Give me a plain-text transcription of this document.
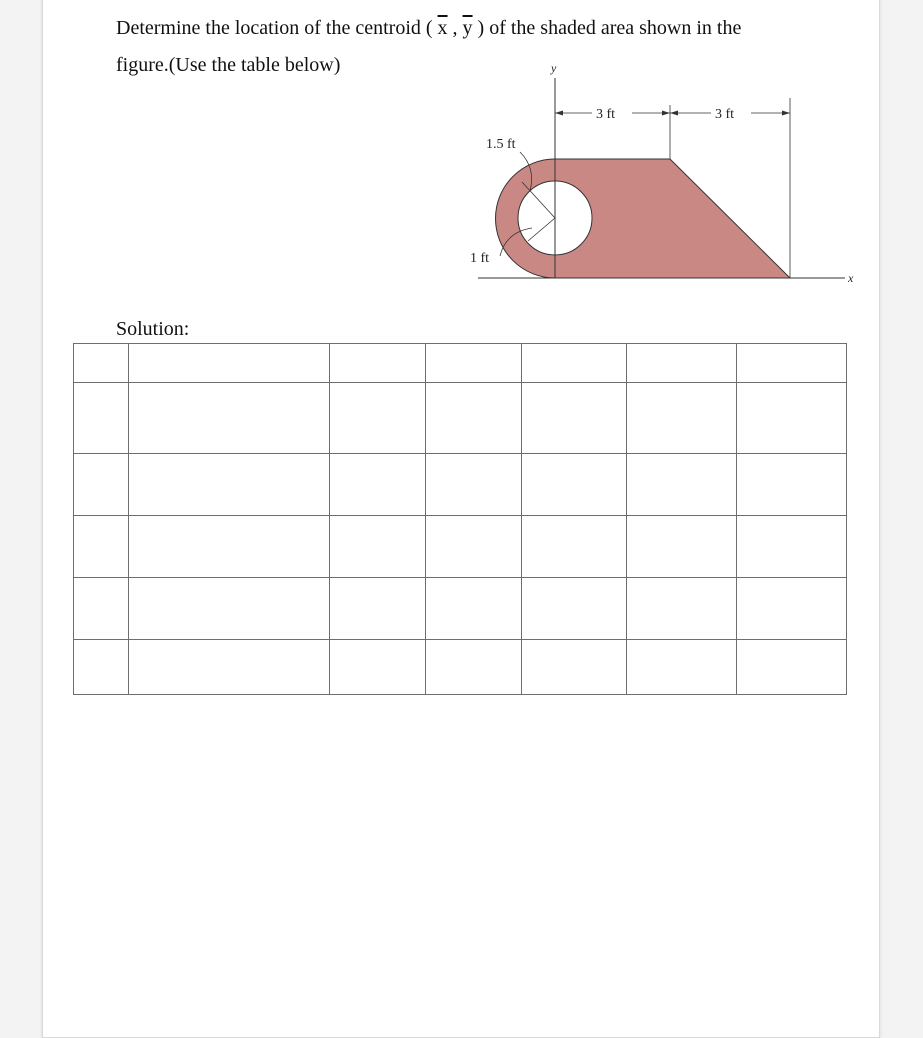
Determine the location of the centroid ( $\overline{x}$ , $\overline{y}$ ) of the shaded area shown in the
figure.(Use the table below)
x
y
3 ft	3 ft
1.5 ft
1 ft
Solution:
